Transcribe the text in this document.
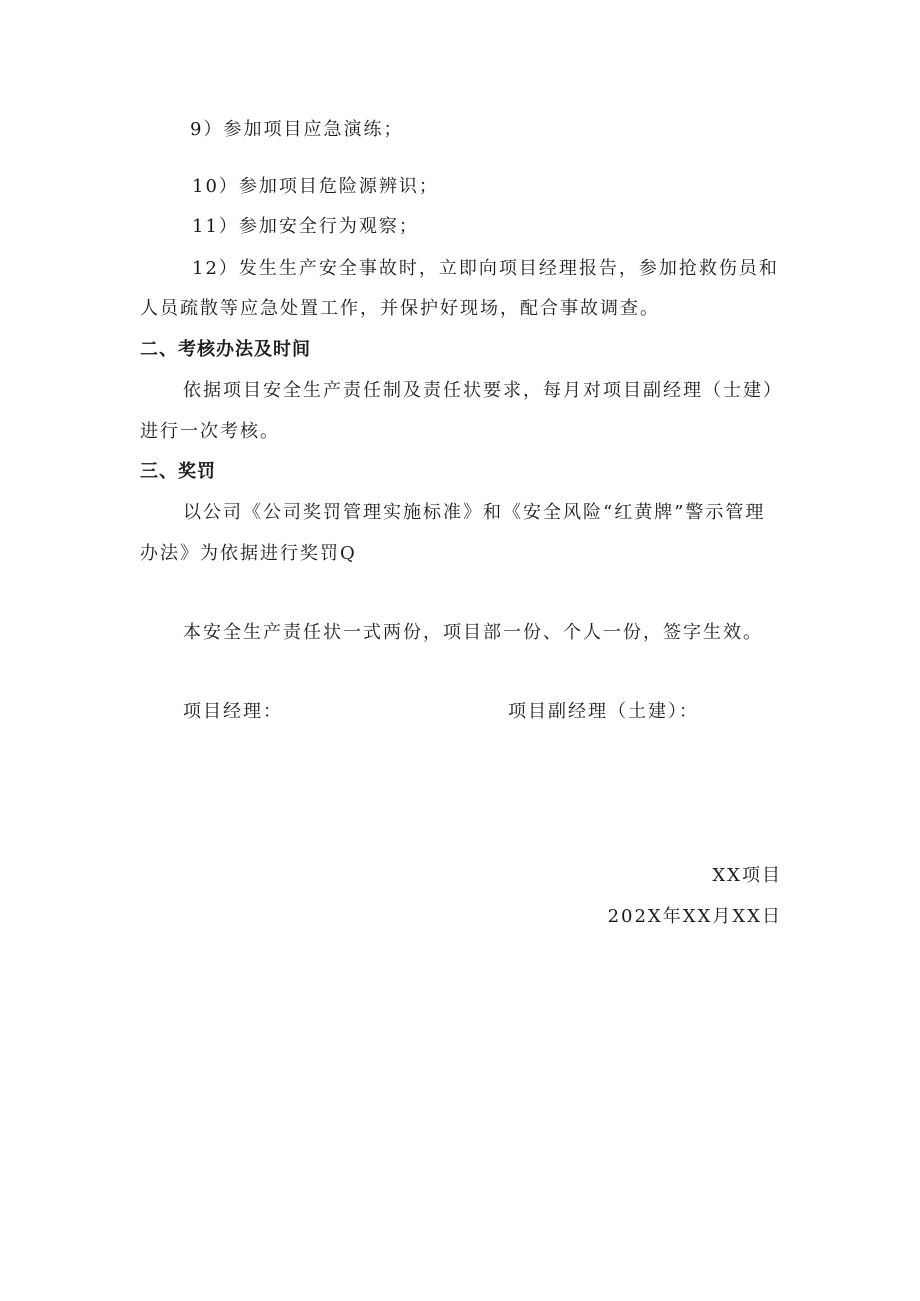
9）参加项目应急演练；
10）参加项目危险源辨识；
11）参加安全行为观察；
12）发生生产安全事故时，立即向项目经理报告，参加抢救伤员和
人员疏散等应急处置工作，并保护好现场，配合事故调查。
二、考核办法及时间
依据项目安全生产责任制及责任状要求，每月对项目副经理（士建）
进行一次考核。
三、奖罚
以公司《公司奖罚管理实施标准》和《安全风险“红黄牌”警示管理
办法》为依据进行奖罚Q
本安全生产责任状一式两份，项目部一份、个人一份，签字生效。
项目经理：	项目副经理（土建）：
XX项目
202X年XX月XX日
